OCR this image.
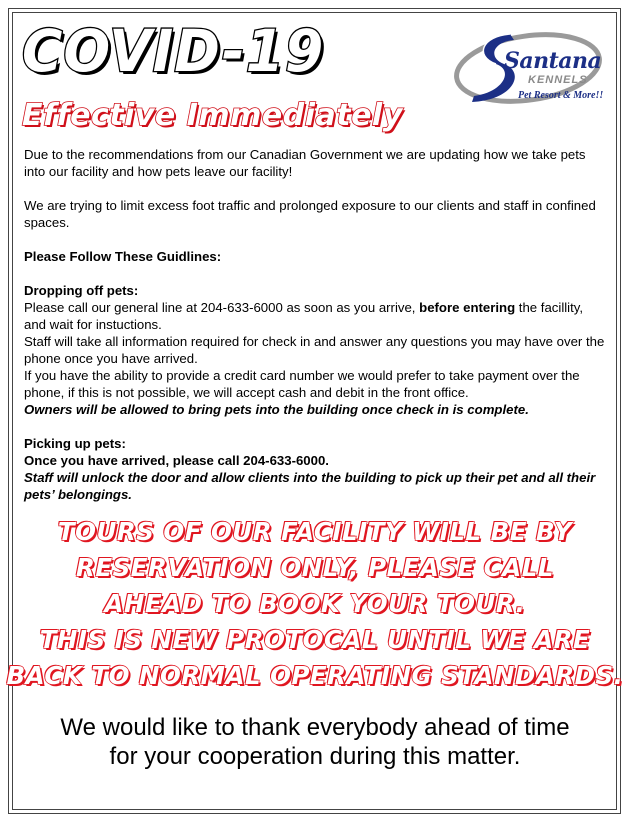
COVID-19
Effective Immediately
Santana
KENNELS
Pet Resort & More!!

Due to the recommendations from our Canadian Government we are updating how we take pets into our facility and how pets leave our facility!

We are trying to limit excess foot traffic and prolonged exposure to our clients and staff in confined spaces.

Please Follow These Guidlines:

Dropping off pets:

Please call our general line at 204-633-6000 as soon as you arrive, before entering the facillity, and wait for instuctions.

Staff will take all information required for check in and answer any questions you may have over the phone once you have arrived.

If you have the ability to provide a credit card number we would prefer to take payment over the phone, if this is not possible, we will accept cash and debit in the front office.

Owners will be allowed to bring pets into the building once check in is complete.

Picking up pets:

Once you have arrived, please call 204-633-6000.

Staff will unlock the door and allow clients into the building to pick up their pet and all their pets’ belongings.

TOURS OF OUR FACILITY WILL BE BY
RESERVATION ONLY, PLEASE CALL
AHEAD TO BOOK YOUR TOUR.
THIS IS NEW PROTOCAL UNTIL WE ARE
BACK TO NORMAL OPERATING STANDARDS.
We would like to thank everybody ahead of time
for your cooperation during this matter.
